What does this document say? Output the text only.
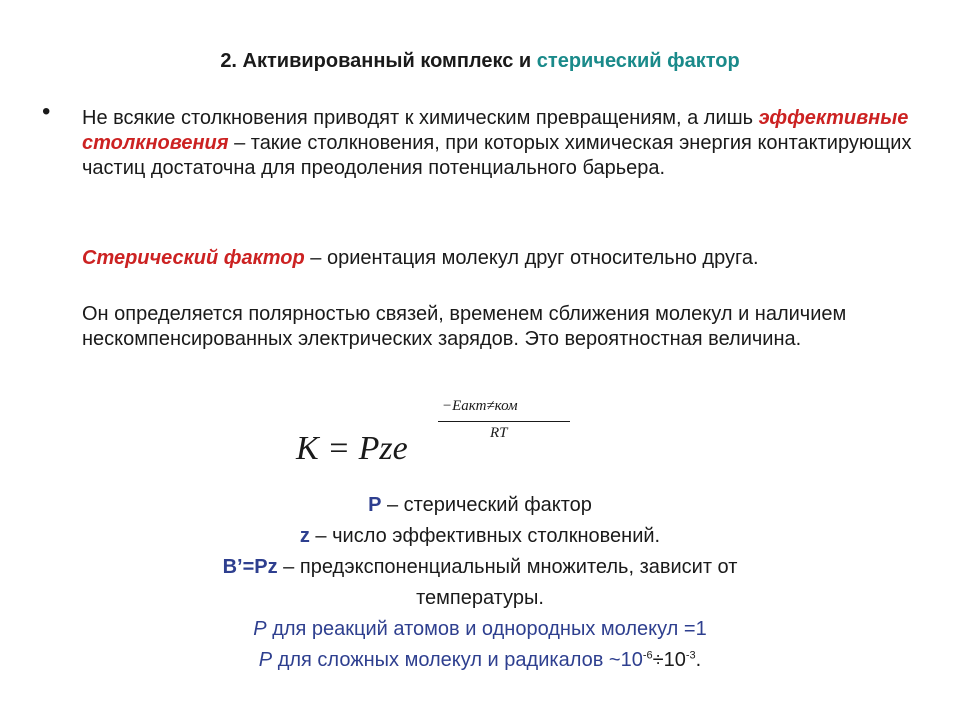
2. Активированный комплекс и стерический фактор
• Не всякие столкновения приводят к химическим превращениям, а лишь эффективные столкновения – такие столкновения, при которых химическая энергия контактирующих частиц достаточна для преодоления потенциального барьера.
Стерический фактор – ориентация молекул друг относительно друга.
Он определяется полярностью связей, временем сближения молекул и наличием нескомпенсированных электрических зарядов. Это вероятностная величина.
K = Pze
−Еакт≠ком
RT
P – стерический фактор
z – число эффективных столкновений.
B’=Pz – предэкспоненциальный множитель, зависит от
температуры.
P для реакций атомов и однородных молекул =1
P для сложных молекул и радикалов $\sim 10^{-6}\div 10^{-3}$.
